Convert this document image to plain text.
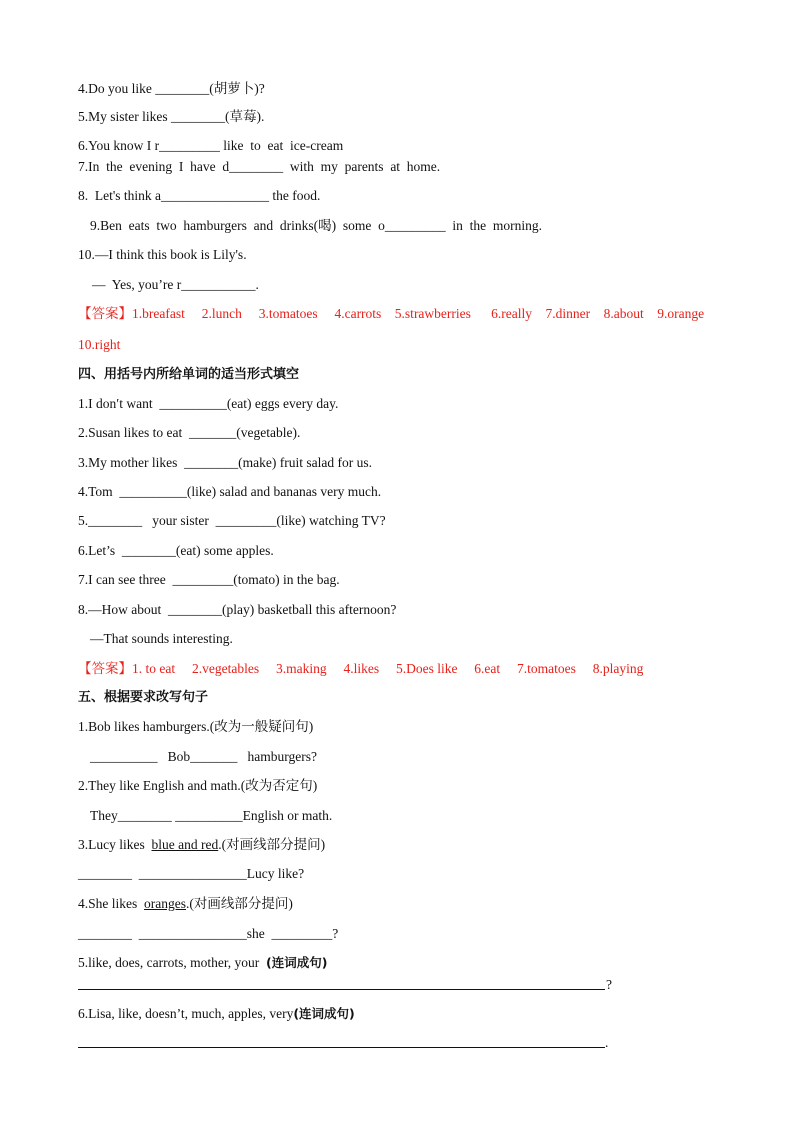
4.Do you like ________(胡萝卜)?
5.My sister likes ________(草莓).
6.You know I r_________ like  to  eat  ice-cream
7.In  the  evening  I  have  d________  with  my  parents  at  home.
8.  Let's think a________________ the food.
9.Ben  eats  two  hamburgers  and  drinks(喝)  some  o_________  in  the  morning.
10.—I think this book is Lily's.
—  Yes, you’re r___________.
【答案】1.breafast     2.lunch     3.tomatoes     4.carrots    5.strawberries      6.really    7.dinner    8.about    9.orange
10.right
四、用括号内所给单词的适当形式填空
1.I don′t want  __________(eat) eggs every day.
2.Susan likes to eat  _______(vegetable).
3.My mother likes  ________(make) fruit salad for us.
4.Tom  __________(like) salad and bananas very much.
5.________   your sister  _________(like) watching TV?
6.Let’s  ________(eat) some apples.
7.I can see three  _________(tomato) in the bag.
8.—How about  ________(play) basketball this afternoon?
—That sounds interesting.
【答案】1. to eat     2.vegetables     3.making     4.likes     5.Does like     6.eat     7.tomatoes     8.playing
五、根据要求改写句子
1.Bob likes hamburgers.(改为一般疑问句)
__________   Bob_______   hamburgers?
2.They like English and math.(改为否定句)
They________ __________English or math.
3.Lucy likes  blue and red.(对画线部分提问)
________  ________________Lucy like?
4.She likes  oranges.(对画线部分提问)
________  ________________she  _________?
5.like, does, carrots, mother, your  (连词成句)
?
6.Lisa, like, doesn’t, much, apples, very(连词成句)
.
